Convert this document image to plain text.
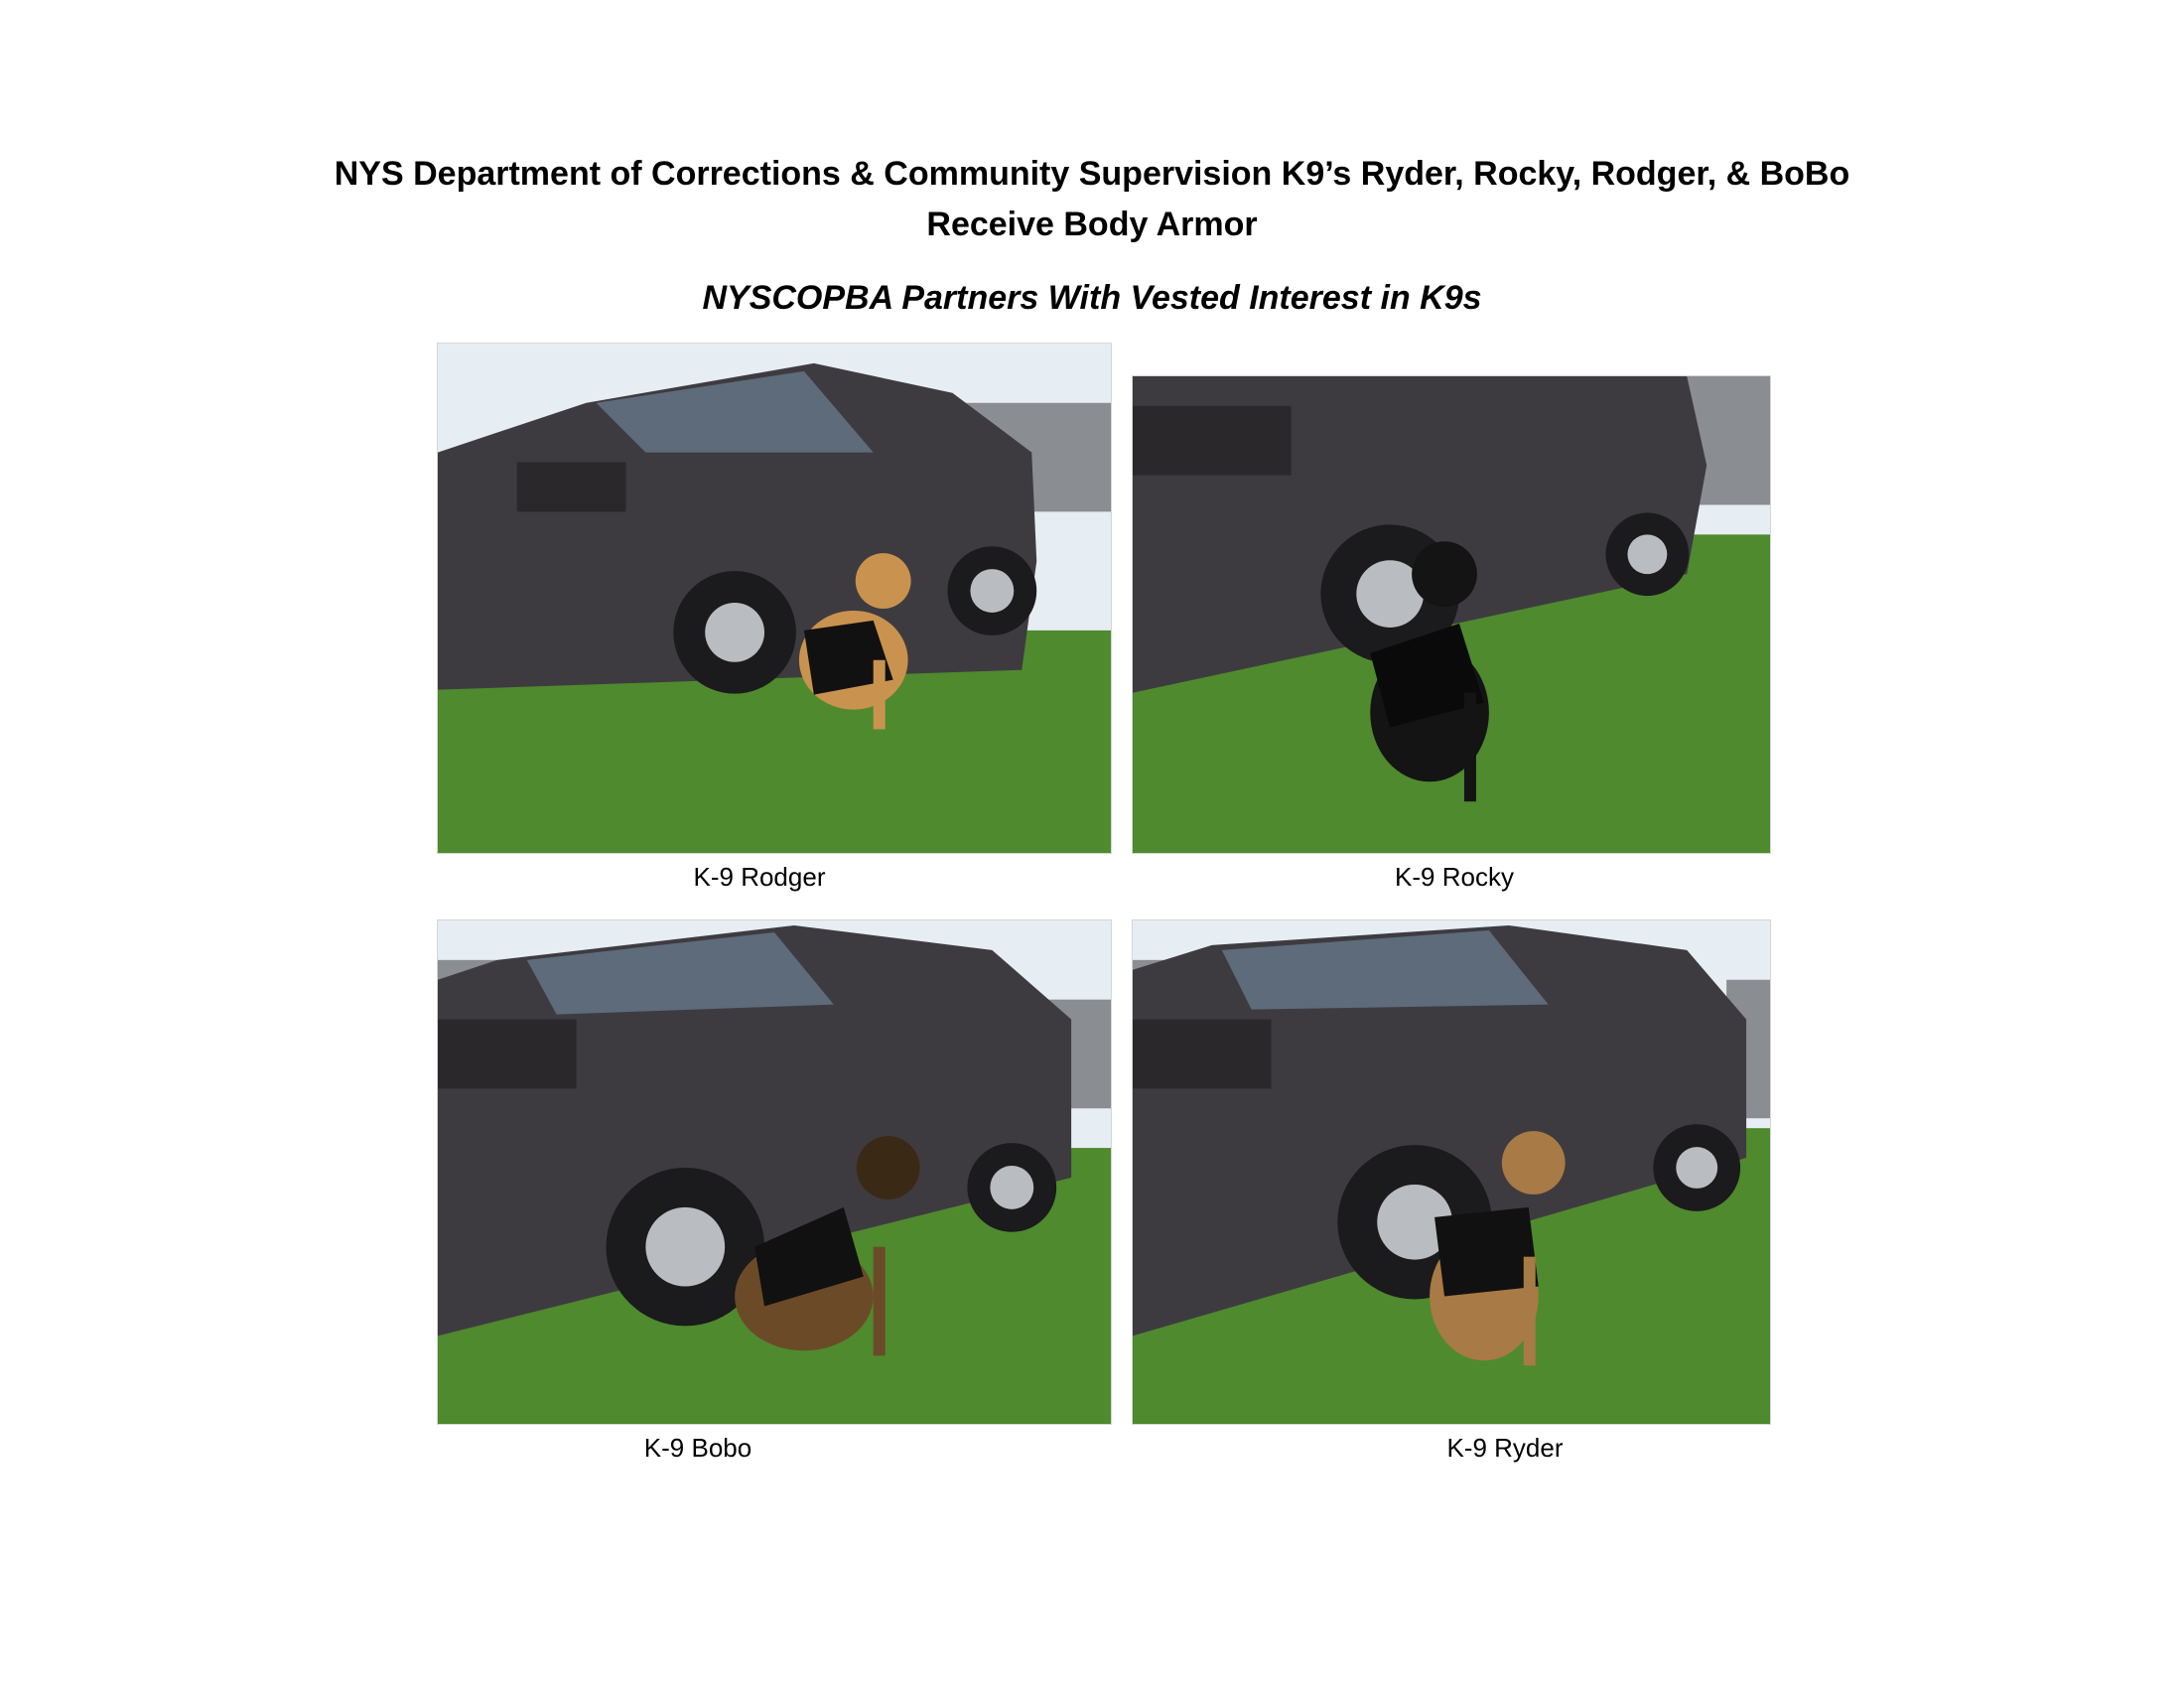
NYS Department of Corrections & Community Supervision K9’s Ryder, Rocky, Rodger, & BoBo
Receive Body Armor
NYSCOPBA Partners With Vested Interest in K9s
K-9 Rodger	K-9 Rocky
K-9 Bobo	K-9 Ryder
